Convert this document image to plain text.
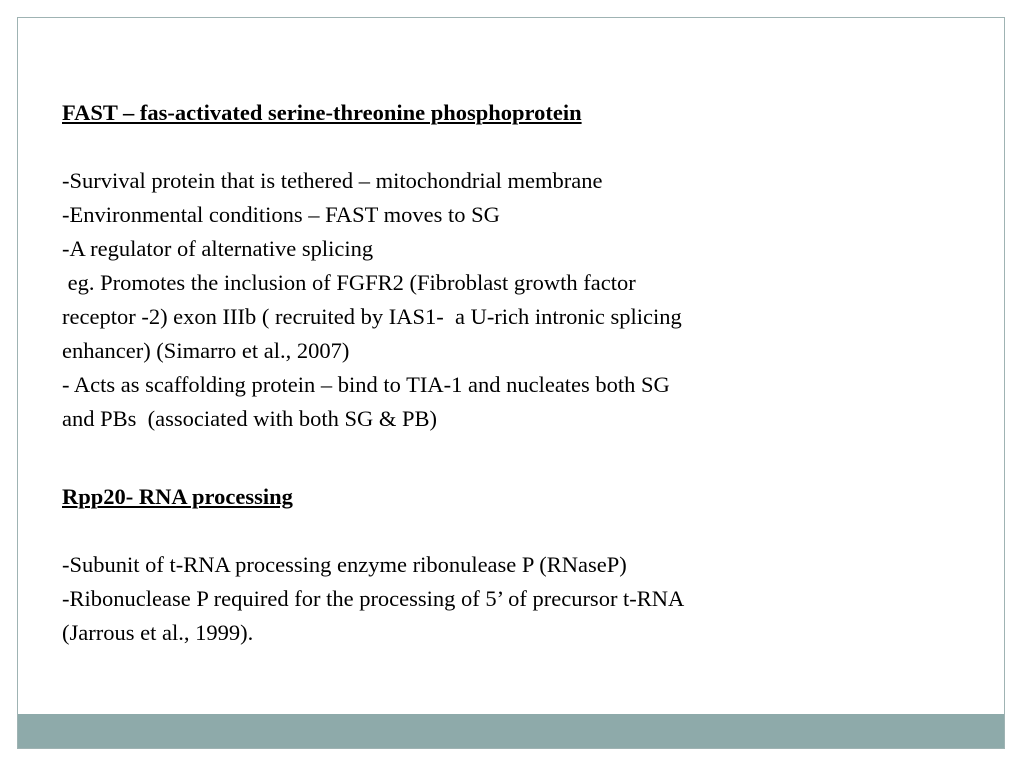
FAST – fas-activated serine-threonine phosphoprotein
-Survival protein that is tethered – mitochondrial membrane
-Environmental conditions – FAST moves to SG
-A regulator of alternative splicing
eg. Promotes the inclusion of FGFR2 (Fibroblast growth factor
receptor -2) exon IIIb ( recruited by IAS1-  a U-rich intronic splicing
enhancer) (Simarro et al., 2007)
- Acts as scaffolding protein – bind to TIA-1 and nucleates both SG
and PBs  (associated with both SG & PB)
Rpp20- RNA processing
-Subunit of t-RNA processing enzyme ribonulease P (RNaseP)
-Ribonuclease P required for the processing of 5’ of precursor t-RNA
(Jarrous et al., 1999).
